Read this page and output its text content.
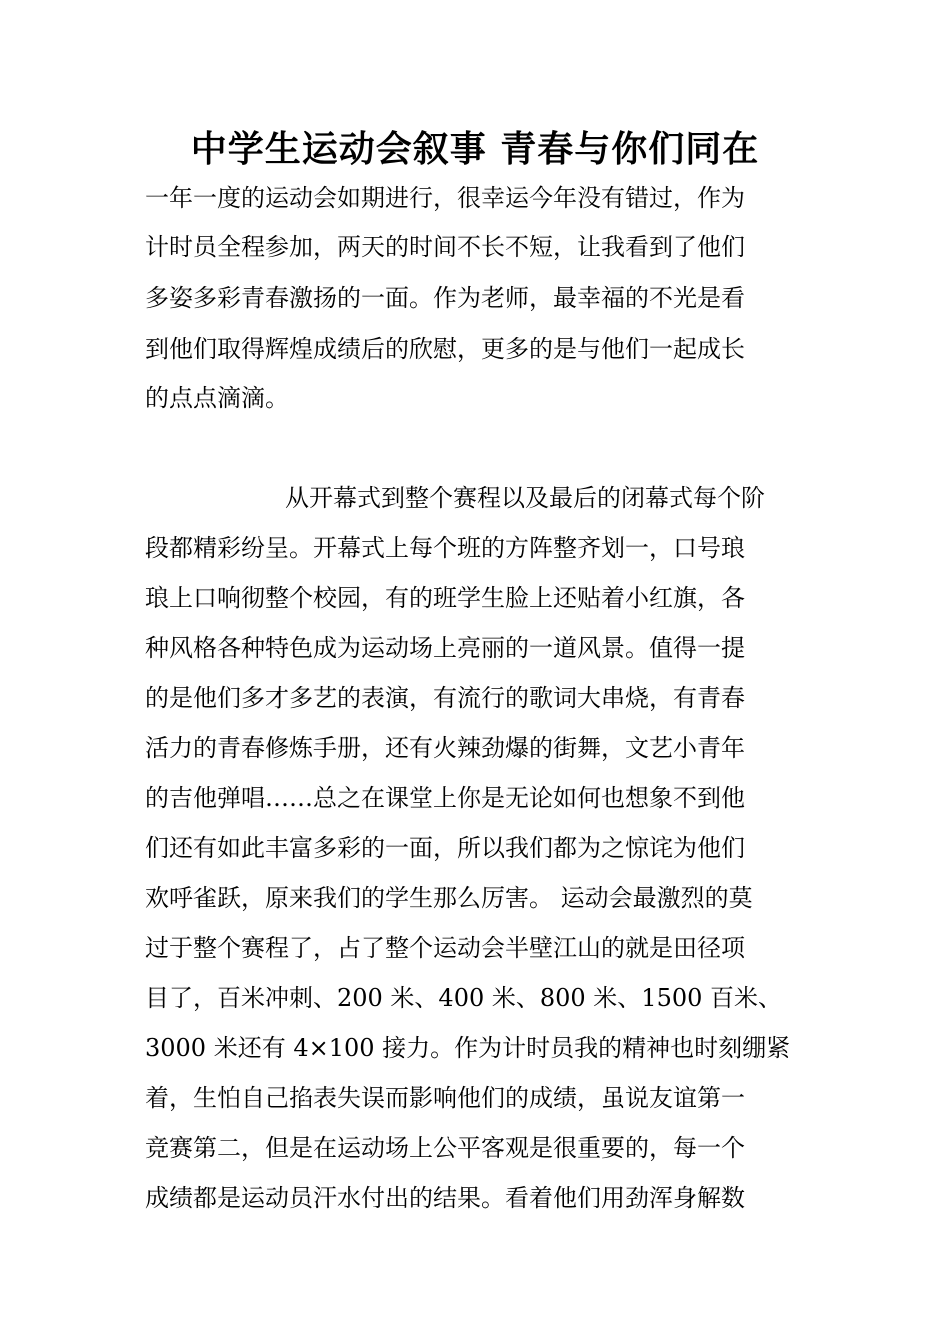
中学生运动会叙事 青春与你们同在
一年一度的运动会如期进行，很幸运今年没有错过，作为
计时员全程参加，两天的时间不长不短，让我看到了他们
多姿多彩青春激扬的一面。作为老师，最幸福的不光是看
到他们取得辉煌成绩后的欣慰，更多的是与他们一起成长
的点点滴滴。
从开幕式到整个赛程以及最后的闭幕式每个阶
段都精彩纷呈。开幕式上每个班的方阵整齐划一，口号琅
琅上口响彻整个校园，有的班学生脸上还贴着小红旗，各
种风格各种特色成为运动场上亮丽的一道风景。值得一提
的是他们多才多艺的表演，有流行的歌词大串烧，有青春
活力的青春修炼手册，还有火辣劲爆的街舞，文艺小青年
的吉他弹唱……总之在课堂上你是无论如何也想象不到他
们还有如此丰富多彩的一面，所以我们都为之惊诧为他们
欢呼雀跃，原来我们的学生那么厉害。 运动会最激烈的莫
过于整个赛程了，占了整个运动会半壁江山的就是田径项
目了，百米冲刺、200 米、400 米、800 米、1500 百米、
3000 米还有 4×100 接力。作为计时员我的精神也时刻绷紧
着，生怕自己掐表失误而影响他们的成绩，虽说友谊第一
竞赛第二，但是在运动场上公平客观是很重要的，每一个
成绩都是运动员汗水付出的结果。看着他们用劲浑身解数
